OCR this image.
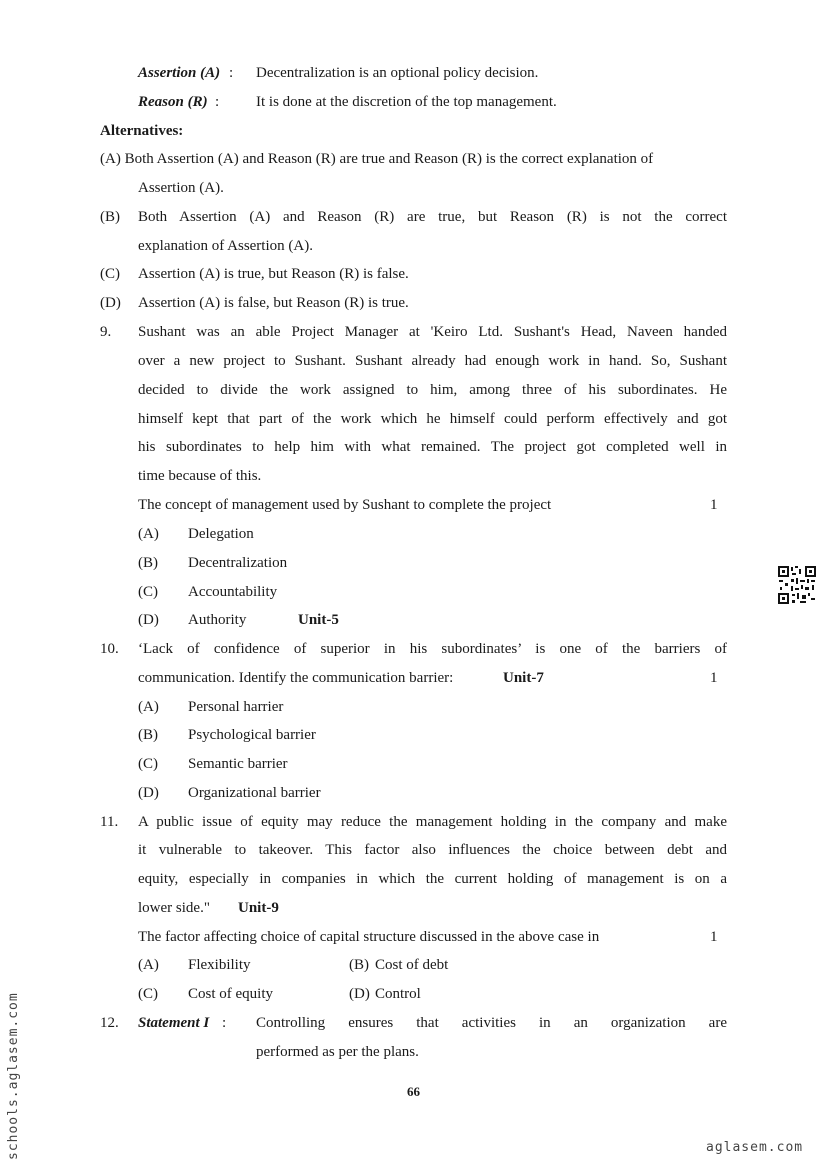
Assertion (A) : Decentralization is an optional policy decision.
Reason (R) : It is done at the discretion of the top management.
Alternatives:
(A) Both Assertion (A) and Reason (R) are true and Reason (R) is the correct explanation of
Assertion (A).
(B) Both Assertion (A) and Reason (R) are true, but Reason (R) is not the correct
explanation of Assertion (A).
(C) Assertion (A) is true, but Reason (R) is false.
(D) Assertion (A) is false, but Reason (R) is true.
9. Sushant was an able Project Manager at 'Keiro Ltd. Sushant's Head, Naveen handed
over a new project to Sushant. Sushant already had enough work in hand. So, Sushant
decided to divide the work assigned to him, among three of his subordinates. He
himself kept that part of the work which he himself could perform effectively and got
his subordinates to help him with what remained. The project got completed well in
time because of this.
The concept of management used by Sushant to complete the project	1
(A) Delegation
(B) Decentralization
(C) Accountability
(D) Authority	Unit-5
10. ‘Lack of confidence of superior in his subordinates’ is one of the barriers of
communication. Identify the communication barrier:	Unit-7	1
(A) Personal harrier
(B) Psychological barrier
(C) Semantic barrier
(D) Organizational barrier
11. A public issue of equity may reduce the management holding in the company and make
it vulnerable to takeover. This factor also influences the choice between debt and
equity, especially in companies in which the current holding of management is on a
lower side." Unit-9
The factor affecting choice of capital structure discussed in the above case in	1
(A) Flexibility	(B) Cost of debt
(C) Cost of equity	(D) Control
12. Statement I : Controlling ensures that activities in an organization are
performed as per the plans.
66
schools.aglasem.com	aglasem.com
